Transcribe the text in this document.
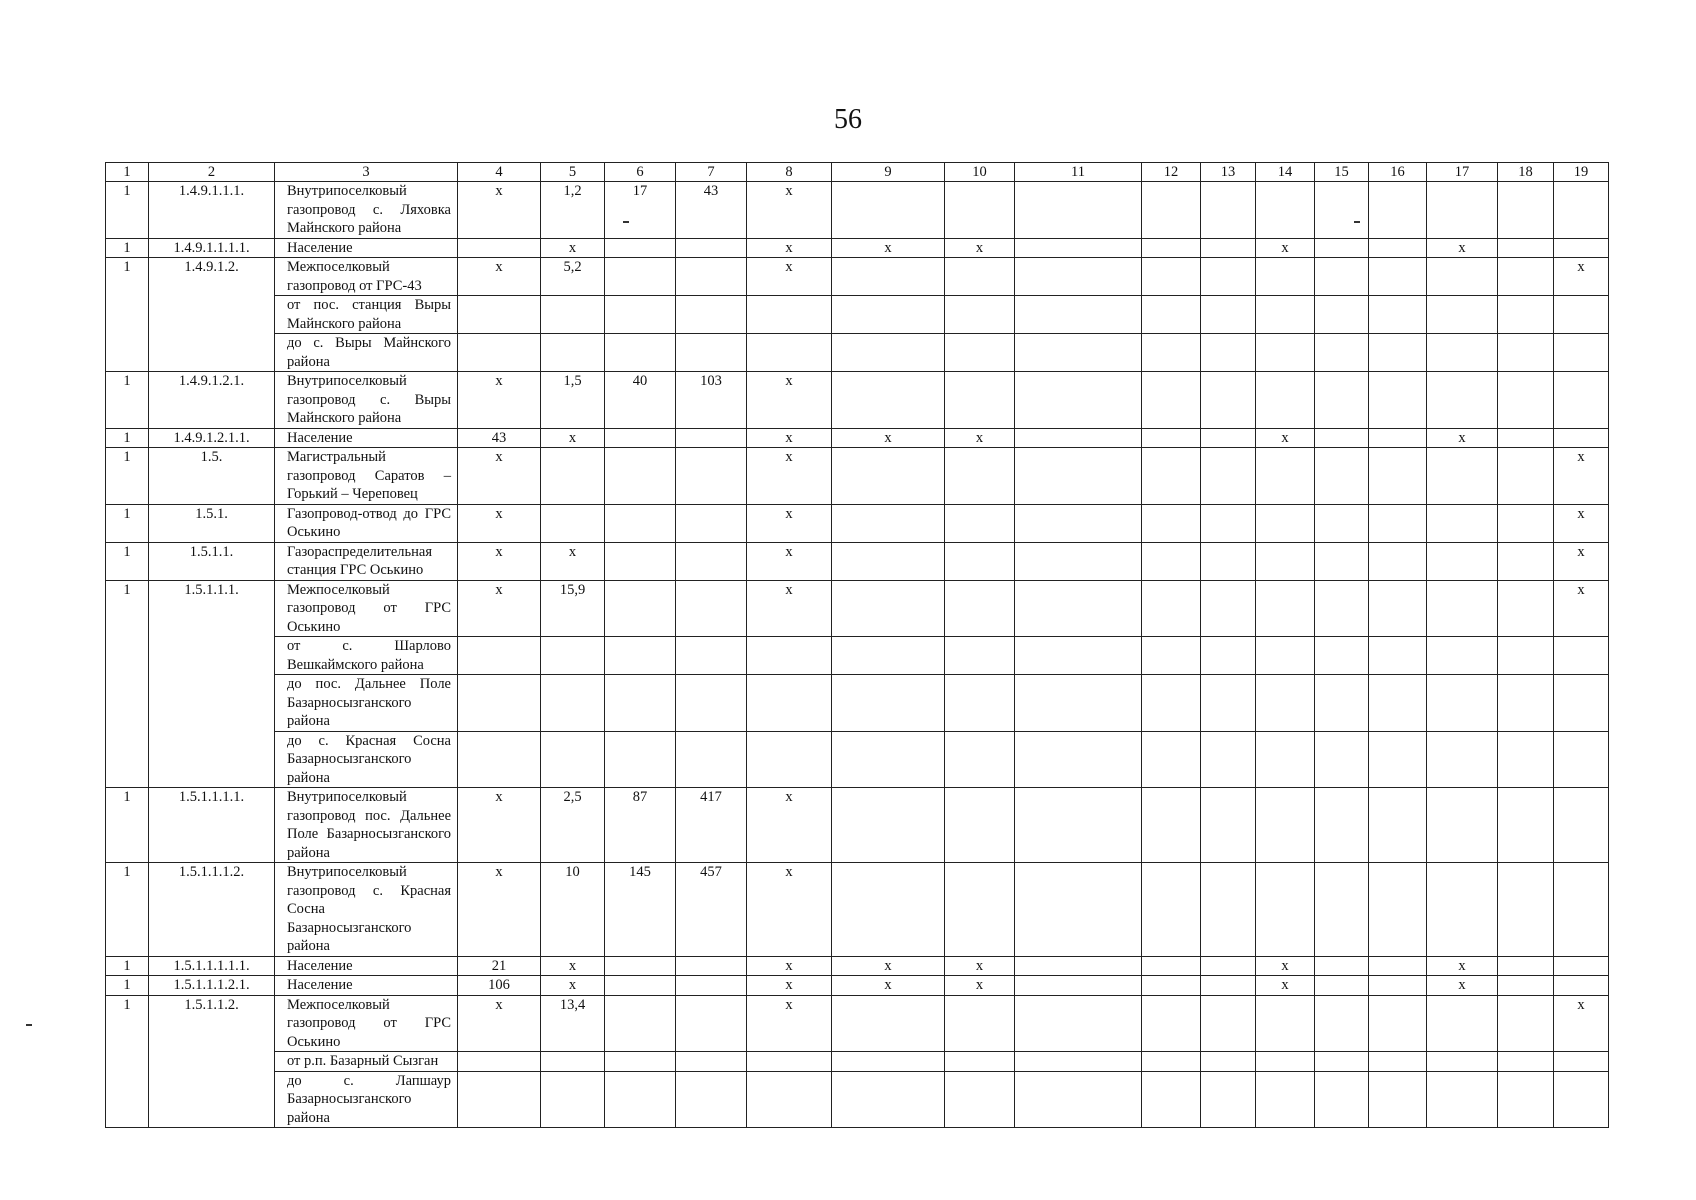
56
1	2	3	4	5	6	7	8	9	10	11	12	13	14	15	16	17	18	19
1	1.4.9.1.1.1.	Внутрипоселковый газопровод с. Ляховка Майнского района	х	1,2	17	43	х											
1	1.4.9.1.1.1.1.	Население		х			х	х	х				х			х		
1	1.4.9.1.2.	Межпоселковый газопровод от ГРС-43	х	5,2			х											х
		от пос. станция Выры Майнского района																
		до с. Выры Майнского района																
1	1.4.9.1.2.1.	Внутрипоселковый газопровод с. Выры Майнского района	х	1,5	40	103	х											
1	1.4.9.1.2.1.1.	Население	43	х			х	х	х				х			х		
1	1.5.	Магистральный газопровод Саратов – Горький – Череповец	х				х											х
1	1.5.1.	Газопровод-отвод до ГРС Оськино	х				х											х
1	1.5.1.1.	Газораспределительная станция ГРС Оськино	х	х			х											х
1	1.5.1.1.1.	Межпоселковый газопровод от ГРС Оськино	х	15,9			х											х
		от с. Шарлово Вешкаймского района																
		до пос. Дальнее Поле Базарносызганского района																
		до с. Красная Сосна Базарносызганского района																
1	1.5.1.1.1.1.	Внутрипоселковый газопровод пос. Дальнее Поле Базарносызганского района	х	2,5	87	417	х											
1	1.5.1.1.1.2.	Внутрипоселковый газопровод с. Красная Сосна Базарносызганского района	х	10	145	457	х											
1	1.5.1.1.1.1.1.	Население	21	х			х	х	х				х			х		
1	1.5.1.1.1.2.1.	Население	106	х			х	х	х				х			х		
1	1.5.1.1.2.	Межпоселковый газопровод от ГРС Оськино	х	13,4			х											х
		от р.п. Базарный Сызган																
		до с. Лапшаур Базарносызганского района																
